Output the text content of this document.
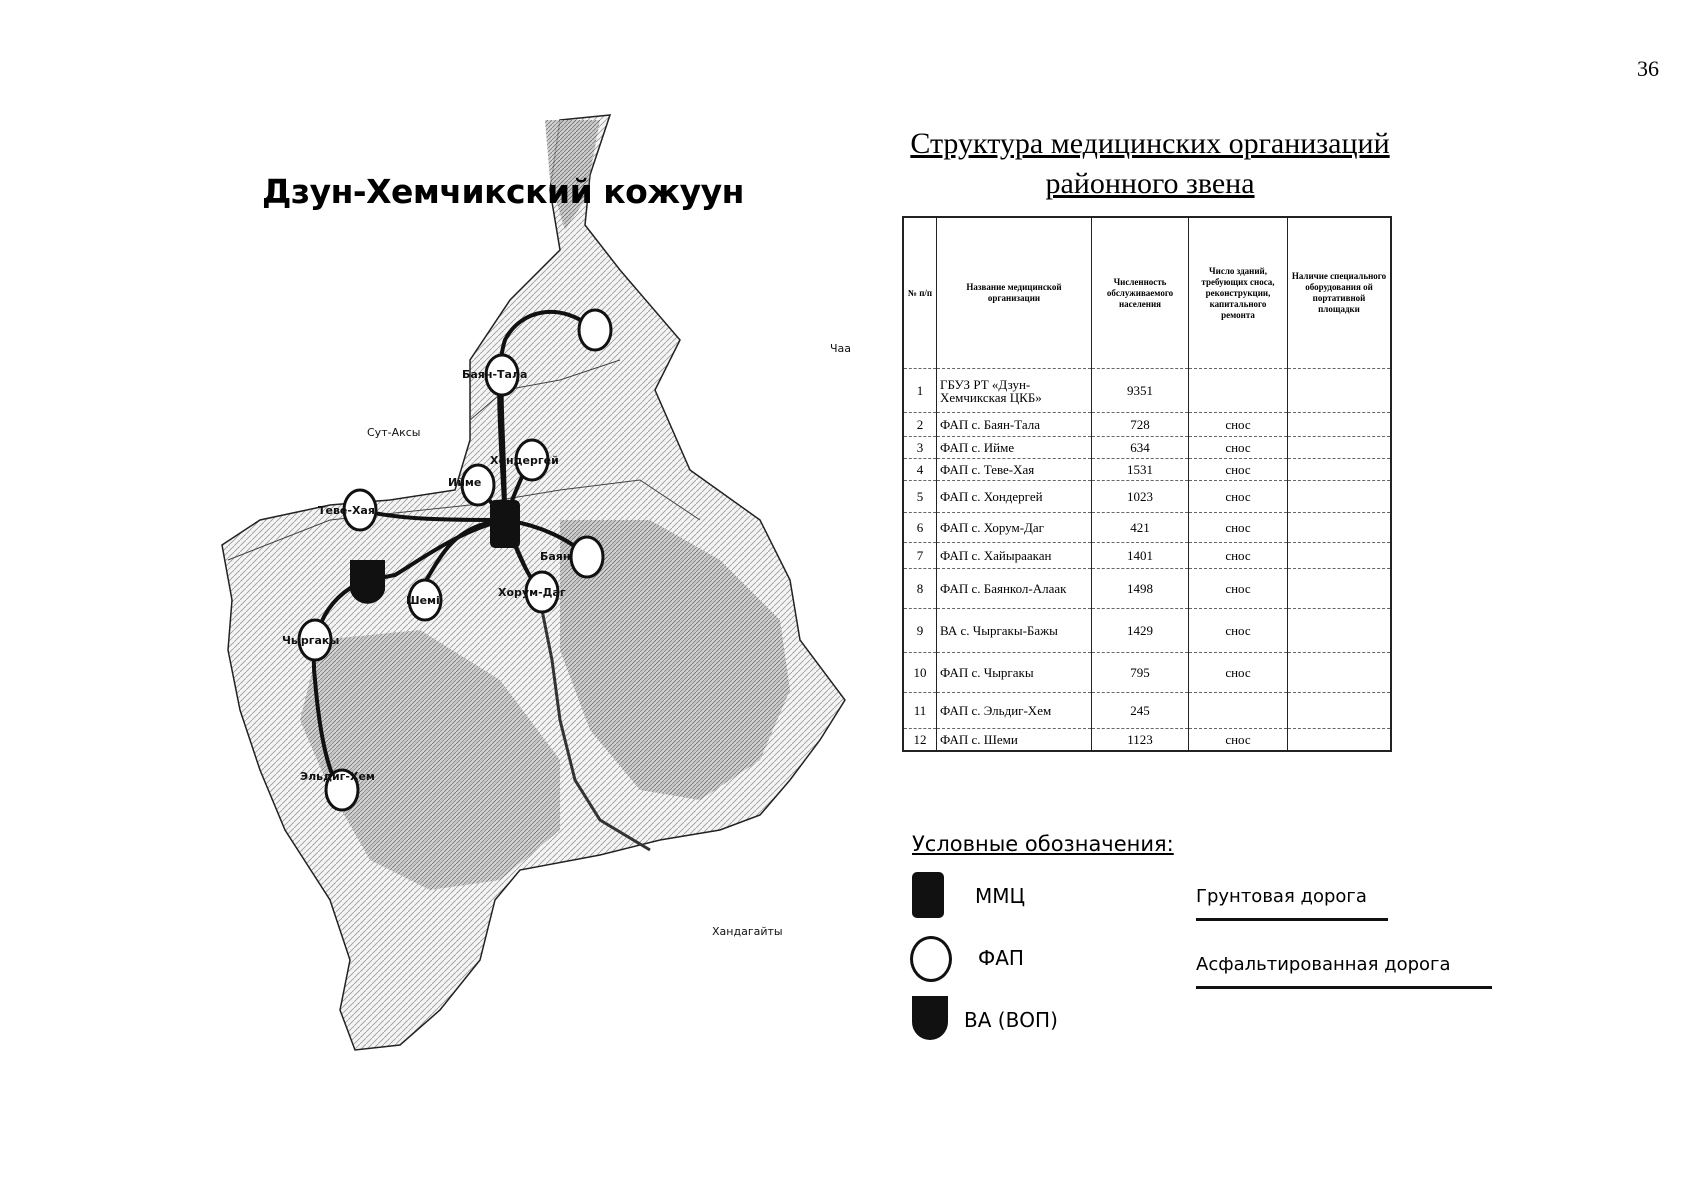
36
Дзун-Хемчикский кожуун
Чаа
Сут-Аксы
Хандагайты
Баян-Тала
Хондергей
Ийме
Теве-Хая
Баян
Хорум-Даг
Шемі
Чыргакы
Эльдиг-Хем
Структура медицинских организаций
районного звена
№ п/п	Название медицинской организации	Численность обслуживаемого населения	Число зданий, требующих сноса, реконструкции, капитального ремонта	Наличие специального оборудования ой портативной площадки
1	ГБУЗ РТ «Дзун-Хемчикская ЦКБ»	9351		
2	ФАП с. Баян-Тала	728	снос	
3	ФАП с. Ийме	634	снос	
4	ФАП с. Теве-Хая	1531	снос	
5	ФАП с. Хондергей	1023	снос	
6	ФАП с. Хорум-Даг	421	снос	
7	ФАП с. Хайыраакан	1401	снос	
8	ФАП с. Баянкол-Алаак	1498	снос	
9	ВА с. Чыргакы-Бажы	1429	снос	
10	ФАП с. Чыргакы	795	снос	
11	ФАП с. Эльдиг-Хем	245		
12	ФАП с. Шеми	1123	снос	
Условные обозначения:
ММЦ
ФАП
ВА (ВОП)
Грунтовая дорога
Асфальтированная дорога
